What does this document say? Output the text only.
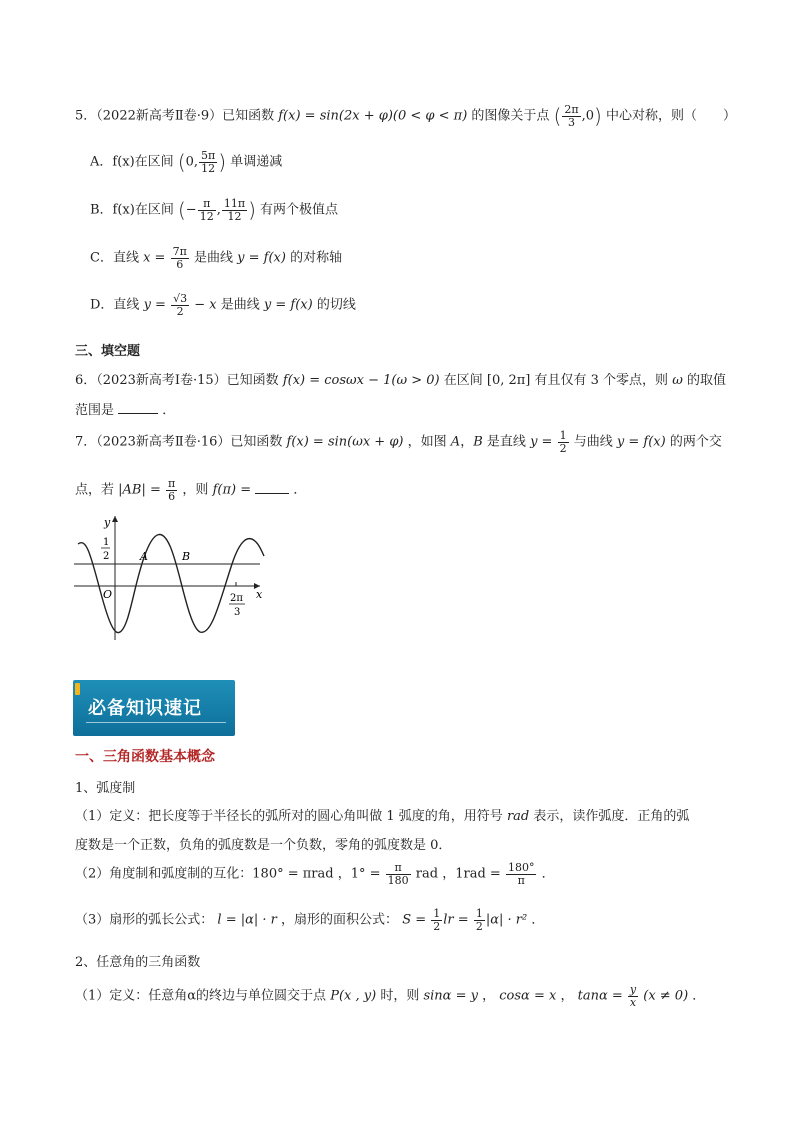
5．（2022新高考Ⅱ卷·9）已知函数 f(x) = sin(2x + φ)(0 < φ < π) 的图像关于点 ( $\frac{2\pi}{3} ,0$) 中心对称，则（　　）
A．f(x)在区间 (0, $\frac{5\pi}{12}$ ) 单调递减
B．f(x)在区间 (− $\frac{\pi}{12}$ , $\frac{11\pi}{12}$ ) 有两个极值点
C．直线 $x = \frac{7\pi}{6}$ 是曲线 y = f(x) 的对称轴
D．直线 $y = \frac{√3}{2} - x$ 是曲线 y = f(x) 的切线
三、填空题
6．（2023新高考Ⅰ卷·15）已知函数 f(x) = cosωx − 1(ω > 0) 在区间 [0, 2π] 有且仅有 3 个零点，则 ω 的取值
范围是	．
7．（2023新高考Ⅱ卷·16）已知函数 f(x) = sin(ωx + φ) ，如图 A，B 是直线 $y = \frac{1}{2}$ 与曲线 y = f(x) 的两个交
点，若 $|AB| = \frac{\pi}{6}$ ，则 f(π) =	．
y
x
O
1
2	A	B
2π
3
必备知识速记
一、三角函数基本概念
1、弧度制
（1）定义：把长度等于半径长的弧所对的圆心角叫做 1 弧度的角，用符号 rad 表示，读作弧度．正角的弧
度数是一个正数，负角的弧度数是一个负数，零角的弧度数是 0．
（2）角度制和弧度制的互化：180° = πrad ，$1^\circ = \frac{\pi}{180}$ rad ，$1rad = \frac{180^\circ}{\pi}$ ．
（3）扇形的弧长公式： l = |α| · r ，扇形的面积公式： $S = \frac{1}{2}$ lr = $\frac{1}{2} |\alpha| \cdot r^2$ ．
2、任意角的三角函数
（1）定义：任意角α的终边与单位圆交于点 P(x , y) 时，则 sinα = y ， cosα = x ， $\tan\alpha = \frac{y}{x} (x \ne 0)$ ．
